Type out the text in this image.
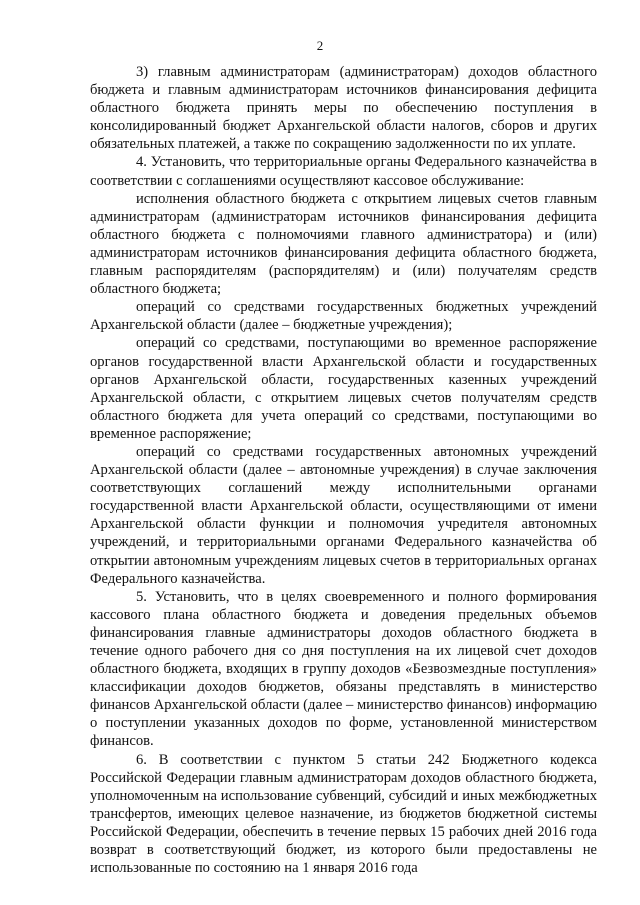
2

3) главным администраторам (администраторам) доходов областного бюджета и главным администраторам источников финансирования дефицита областного бюджета принять меры по обеспечению поступления в консолидированный бюджет Архангельской области налогов, сборов и других обязательных платежей, а также по сокращению задолженности по их уплате.

4. Установить, что территориальные органы Федерального казначейства в соответствии с соглашениями осуществляют кассовое обслуживание:

исполнения областного бюджета с открытием лицевых счетов главным администраторам (администраторам источников финансирования дефицита областного бюджета с полномочиями главного администратора) и (или) администраторам источников финансирования дефицита областного бюджета, главным распорядителям (распорядителям) и (или) получателям средств областного бюджета;

операций со средствами государственных бюджетных учреждений Архангельской области (далее – бюджетные учреждения);

операций со средствами, поступающими во временное распоряжение органов государственной власти Архангельской области и государственных органов Архангельской области, государственных казенных учреждений Архангельской области, с открытием лицевых счетов получателям средств областного бюджета для учета операций со средствами, поступающими во временное распоряжение;

операций со средствами государственных автономных учреждений Архангельской области (далее – автономные учреждения) в случае заключения соответствующих соглашений между исполнительными органами государственной власти Архангельской области, осуществляющими от имени Архангельской области функции и полномочия учредителя автономных учреждений, и территориальными органами Федерального казначейства об открытии автономным учреждениям лицевых счетов в территориальных органах Федерального казначейства.

5. Установить, что в целях своевременного и полного формирования кассового плана областного бюджета и доведения предельных объемов финансирования главные администраторы доходов областного бюджета в течение одного рабочего дня со дня поступления на их лицевой счет доходов областного бюджета, входящих в группу доходов «Безвозмездные поступления» классификации доходов бюджетов, обязаны представлять в министерство финансов Архангельской области (далее – министерство финансов) информацию о поступлении указанных доходов по форме, установленной министерством финансов.

6. В соответствии с пунктом 5 статьи 242 Бюджетного кодекса Российской Федерации главным администраторам доходов областного бюджета, уполномоченным на использование субвенций, субсидий и иных межбюджетных трансфертов, имеющих целевое назначение, из бюджетов бюджетной системы Российской Федерации, обеспечить в течение первых 15 рабочих дней 2016 года возврат в соответствующий бюджет, из которого были предоставлены не использованные по состоянию на 1 января 2016 года
